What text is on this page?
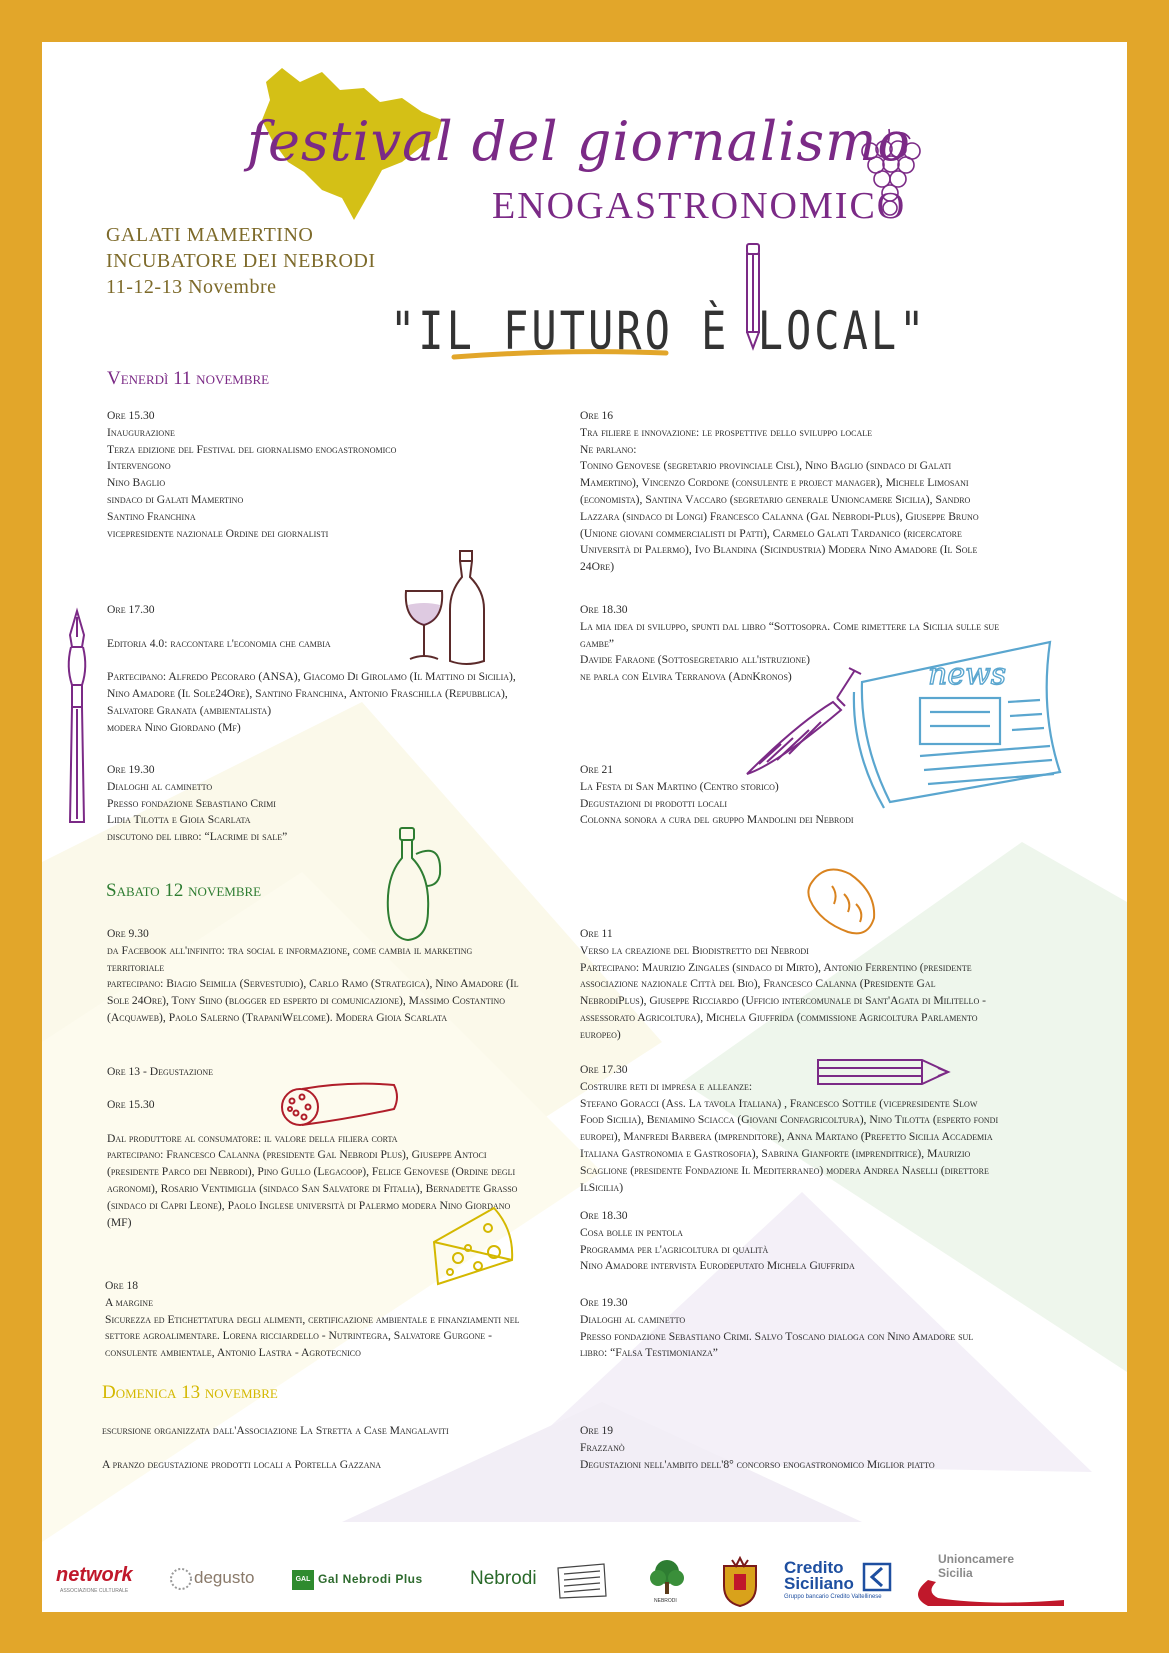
festival del giornalismo
ENOGASTRONOMICO
GALATI MAMERTINO
INCUBATORE DEI NEBRODI
11-12-13 Novembre
"IL FUTURO È LOCAL"
Venerdì 11 novembre
Sabato 12 novembre
Domenica 13 novembre
Ore 15.30
Inaugurazione
Terza edizione del Festival del giornalismo enogastronomico
Intervengono
Nino Baglio
sindaco di Galati Mamertino
Santino Franchina
vicepresidente nazionale Ordine dei giornalisti
Ore 17.30
Editoria 4.0: raccontare l'economia che cambia
Partecipano: Alfredo Pecoraro (ANSA), Giacomo Di Girolamo (Il Mattino di Sicilia), Nino Amadore (Il Sole24Ore), Santino Franchina, Antonio Fraschilla (Repubblica), Salvatore Granata (ambientalista)
modera Nino Giordano (Mf)
Ore 19.30
Dialoghi al caminetto
Presso fondazione Sebastiano Crimi
Lidia Tilotta e Gioia Scarlata
discutono del libro: “Lacrime di sale”
Ore 16
Tra filiere e innovazione: le prospettive dello sviluppo locale
Ne parlano:
Tonino Genovese (segretario provinciale Cisl), Nino Baglio (sindaco di Galati Mamertino), Vincenzo Cordone (consulente e project manager), Michele Limosani (economista), Santina Vaccaro (segretario generale Unioncamere Sicilia), Sandro Lazzara (sindaco di Longi) Francesco Calanna (Gal Nebrodi-Plus), Giuseppe Bruno (Unione giovani commercialisti di Patti), Carmelo Galati Tardanico (ricercatore Università di Palermo), Ivo Blandina (Sicindustria) Modera Nino Amadore (Il Sole 24Ore)
Ore 18.30
La mia idea di sviluppo, spunti dal libro “Sottosopra. Come rimettere la Sicilia sulle sue gambe”
Davide Faraone (Sottosegretario all'istruzione)
ne parla con Elvira Terranova (AdnKronos)
Ore 21
La Festa di San Martino (Centro storico)
Degustazioni di prodotti locali
Colonna sonora a cura del gruppo Mandolini dei Nebrodi
Ore 9.30
da Facebook all'infinito: tra social e informazione, come cambia il marketing territoriale
partecipano: Biagio Seimilia (Servestudio), Carlo Ramo (Strategica), Nino Amadore (Il Sole 24Ore), Tony Siino (blogger ed esperto di comunicazione), Massimo Costantino (Acquaweb), Paolo Salerno (TrapaniWelcome). Modera Gioia Scarlata
Ore 13 - Degustazione
Ore 15.30
Dal produttore al consumatore: il valore della filiera corta
partecipano: Francesco Calanna (presidente Gal Nebrodi Plus), Giuseppe Antoci (presidente Parco dei Nebrodi), Pino Gullo (Legacoop), Felice Genovese (Ordine degli agronomi), Rosario Ventimiglia (sindaco San Salvatore di Fitalia), Bernadette Grasso (sindaco di Capri Leone), Paolo Inglese università di Palermo modera Nino Giordano (MF)
Ore 18
A margine
Sicurezza ed Etichettatura degli alimenti, certificazione ambientale e finanziamenti nel settore agroalimentare. Lorena ricciardello - Nutrintegra, Salvatore Gurgone - consulente ambientale, Antonio Lastra - Agrotecnico
Ore 11
Verso la creazione del Biodistretto dei Nebrodi
Partecipano: Maurizio Zingales (sindaco di Mirto), Antonio Ferrentino (presidente associazione nazionale Città del Bio), Francesco Calanna (Presidente Gal NebrodiPlus), Giuseppe Ricciardo (Ufficio intercomunale di Sant'Agata di Militello - assessorato Agricoltura), Michela Giuffrida (commissione Agricoltura Parlamento europeo)
Ore 17.30
Costruire reti di impresa e alleanze:
Stefano Goracci (Ass. La tavola Italiana) , Francesco Sottile (vicepresidente Slow Food Sicilia), Beniamino Sciacca (Giovani Confagricoltura), Nino Tilotta (esperto fondi europei), Manfredi Barbera (imprenditore), Anna Martano (Prefetto Sicilia Accademia Italiana Gastronomia e Gastrosofia), Sabrina Gianforte (imprenditrice), Maurizio Scaglione (presidente Fondazione Il Mediterraneo) modera Andrea Naselli (direttore IlSicilia)
Ore 18.30
Cosa bolle in pentola
Programma per l'agricoltura di qualità
Nino Amadore intervista Eurodeputato Michela Giuffrida
Ore 19.30
Dialoghi al caminetto
Presso fondazione Sebastiano Crimi. Salvo Toscano dialoga con Nino Amadore sul libro: “Falsa Testimonianza”
escursione organizzata dall'Associazione La Stretta a Case Mangalaviti
A pranzo degustazione prodotti locali a Portella Gazzana
Ore 19
Frazzanò
Degustazioni nell'ambito dell'8° concorso enogastronomico Miglior piatto
news
network
ASSOCIAZIONE CULTURALE
degusto	GAL Gal Nebrodi Plus Nebrodi
NEBRODI
Credito
Siciliano
Gruppo bancario Credito Valtellinese
Unioncamere
Sicilia
